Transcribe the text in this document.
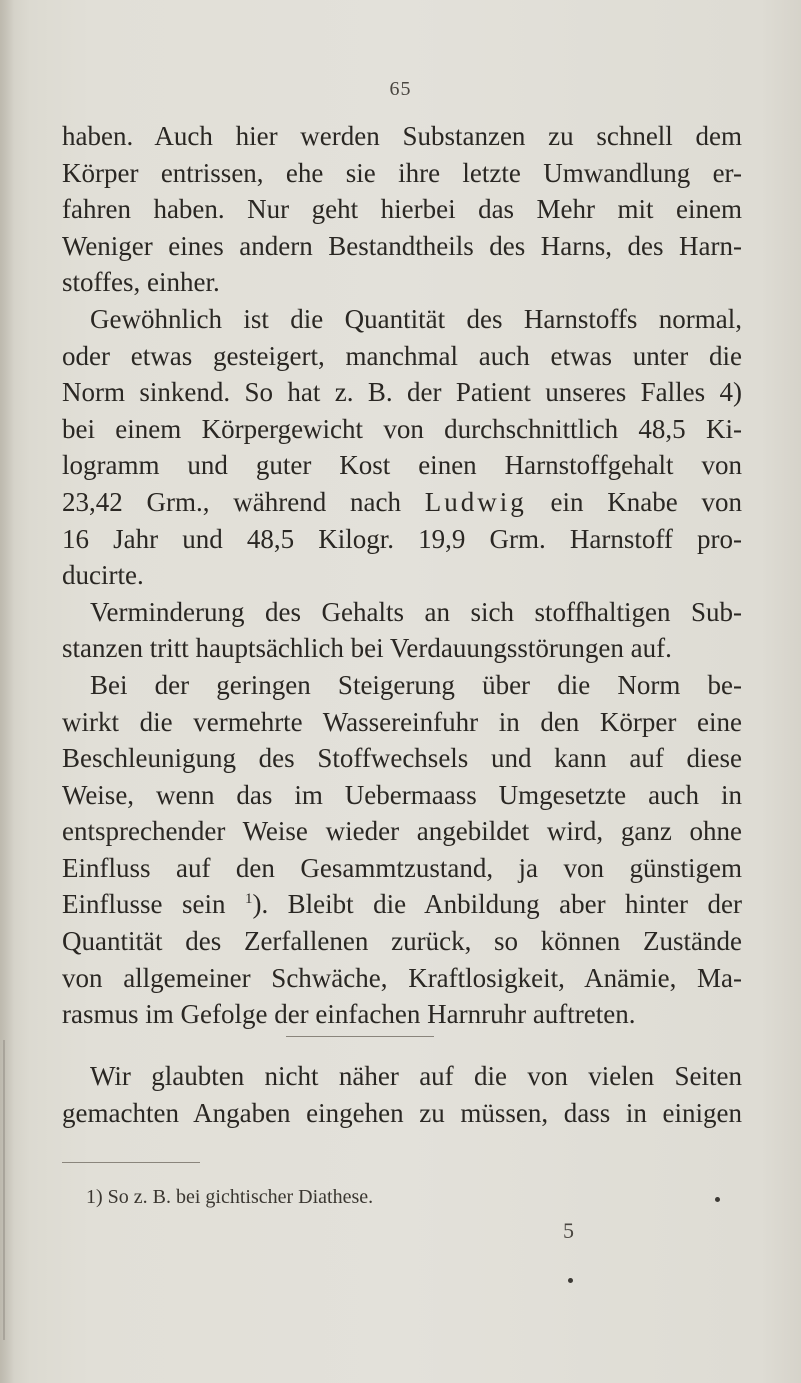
65
haben. Auch hier werden Substanzen zu schnell dem
Körper entrissen, ehe sie ihre letzte Umwandlung er-
fahren haben. Nur geht hierbei das Mehr mit einem
Weniger eines andern Bestandtheils des Harns, des Harn-
stoffes, einher.
Gewöhnlich ist die Quantität des Harnstoffs normal,
oder etwas gesteigert, manchmal auch etwas unter die
Norm sinkend. So hat z. B. der Patient unseres Falles 4)
bei einem Körpergewicht von durchschnittlich 48,5 Ki-
logramm und guter Kost einen Harnstoffgehalt von
23,42 Grm., während nach Ludwig ein Knabe von
16 Jahr und 48,5 Kilogr. 19,9 Grm. Harnstoff pro-
ducirte.
Verminderung des Gehalts an sich stoffhaltigen Sub-
stanzen tritt hauptsächlich bei Verdauungsstörungen auf.
Bei der geringen Steigerung über die Norm be-
wirkt die vermehrte Wassereinfuhr in den Körper eine
Beschleunigung des Stoffwechsels und kann auf diese
Weise, wenn das im Uebermaass Umgesetzte auch in
entsprechender Weise wieder angebildet wird, ganz ohne
Einfluss auf den Gesammtzustand, ja von günstigem
Einflusse sein $^1$). Bleibt die Anbildung aber hinter der
Quantität des Zerfallenen zurück, so können Zustände
von allgemeiner Schwäche, Kraftlosigkeit, Anämie, Ma-
rasmus im Gefolge der einfachen Harnruhr auftreten.
Wir glaubten nicht näher auf die von vielen Seiten
gemachten Angaben eingehen zu müssen, dass in einigen
1) So z. B. bei gichtischer Diathese.
5
